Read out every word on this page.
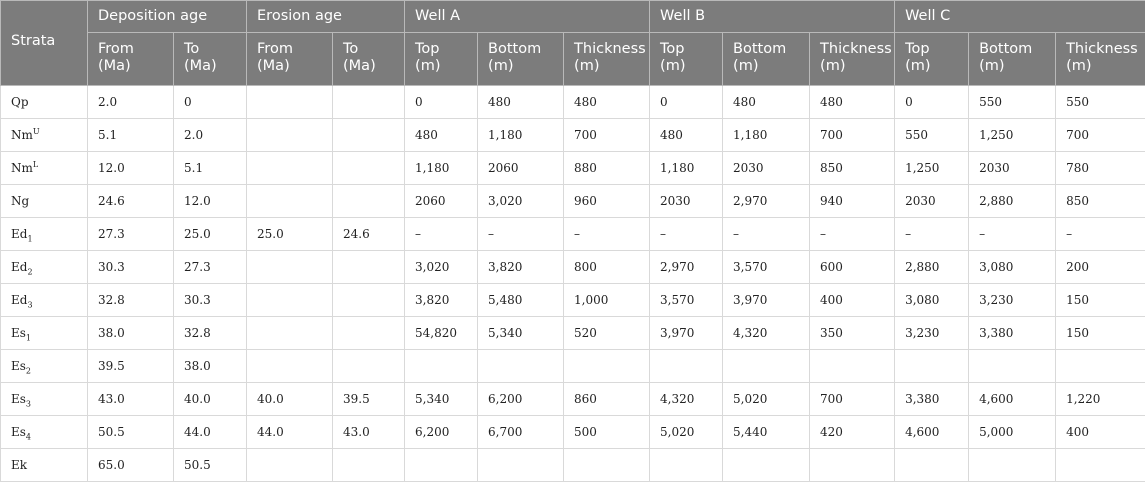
Strata	Deposition age		Erosion age		Well A			Well B			Well C		
	From (Ma)	To (Ma)	From (Ma)	To (Ma)	Top (m)	Bottom (m)	Thickness (m)	Top (m)	Bottom (m)	Thickness (m)	Top (m)	Bottom (m)	Thickness (m)
Qp	2.0	0			0	480	480	0	480	480	0	550	550
$Nm^U$	5.1	2.0			480	1,180	700	480	1,180	700	550	1,250	700
$Nm^L$	12.0	5.1			1,180	2060	880	1,180	2030	850	1,250	2030	780
Ng	24.6	12.0			2060	3,020	960	2030	2,970	940	2030	2,880	850
$Ed_1$	27.3	25.0	25.0	24.6	–	–	–	–	–	–	–	–	–
$Ed_2$	30.3	27.3			3,020	3,820	800	2,970	3,570	600	2,880	3,080	200
$Ed_3$	32.8	30.3			3,820	5,480	1,000	3,570	3,970	400	3,080	3,230	150
$Es_1$	38.0	32.8			54,820	5,340	520	3,970	4,320	350	3,230	3,380	150
$Es_2$	39.5	38.0											
$Es_3$	43.0	40.0	40.0	39.5	5,340	6,200	860	4,320	5,020	700	3,380	4,600	1,220
$Es_4$	50.5	44.0	44.0	43.0	6,200	6,700	500	5,020	5,440	420	4,600	5,000	400
Ek	65.0	50.5											
